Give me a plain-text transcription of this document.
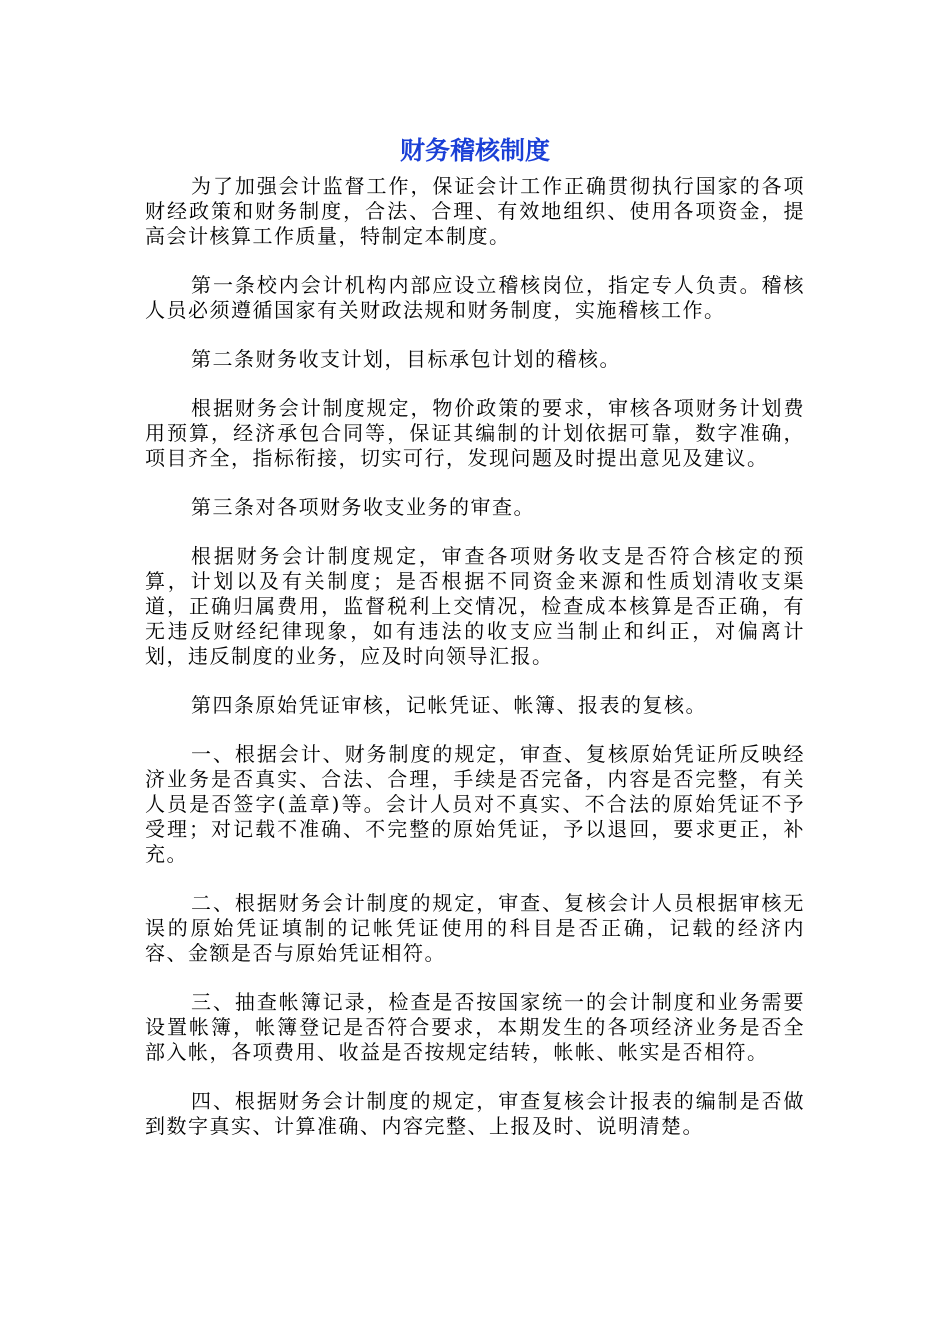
财务稽核制度

为了加强会计监督工作，保证会计工作正确贯彻执行国家的各项财经政策和财务制度，合法、合理、有效地组织、使用各项资金，提高会计核算工作质量，特制定本制度。

第一条校内会计机构内部应设立稽核岗位，指定专人负责。稽核人员必须遵循国家有关财政法规和财务制度，实施稽核工作。

第二条财务收支计划，目标承包计划的稽核。

根据财务会计制度规定，物价政策的要求，审核各项财务计划费用预算，经济承包合同等，保证其编制的计划依据可靠，数字准确，项目齐全，指标衔接，切实可行，发现问题及时提出意见及建议。

第三条对各项财务收支业务的审查。

根据财务会计制度规定，审查各项财务收支是否符合核定的预算，计划以及有关制度；是否根据不同资金来源和性质划清收支渠道，正确归属费用，监督税利上交情况，检查成本核算是否正确，有无违反财经纪律现象，如有违法的收支应当制止和纠正，对偏离计划，违反制度的业务，应及时向领导汇报。

第四条原始凭证审核，记帐凭证、帐簿、报表的复核。

一、根据会计、财务制度的规定，审查、复核原始凭证所反映经济业务是否真实、合法、合理，手续是否完备，内容是否完整，有关人员是否签字(盖章)等。会计人员对不真实、不合法的原始凭证不予受理；对记载不准确、不完整的原始凭证，予以退回，要求更正，补充。

二、根据财务会计制度的规定，审查、复核会计人员根据审核无误的原始凭证填制的记帐凭证使用的科目是否正确，记载的经济内容、金额是否与原始凭证相符。

三、抽查帐簿记录，检查是否按国家统一的会计制度和业务需要设置帐簿，帐簿登记是否符合要求，本期发生的各项经济业务是否全部入帐，各项费用、收益是否按规定结转，帐帐、帐实是否相符。

四、根据财务会计制度的规定，审查复核会计报表的编制是否做到数字真实、计算准确、内容完整、上报及时、说明清楚。
